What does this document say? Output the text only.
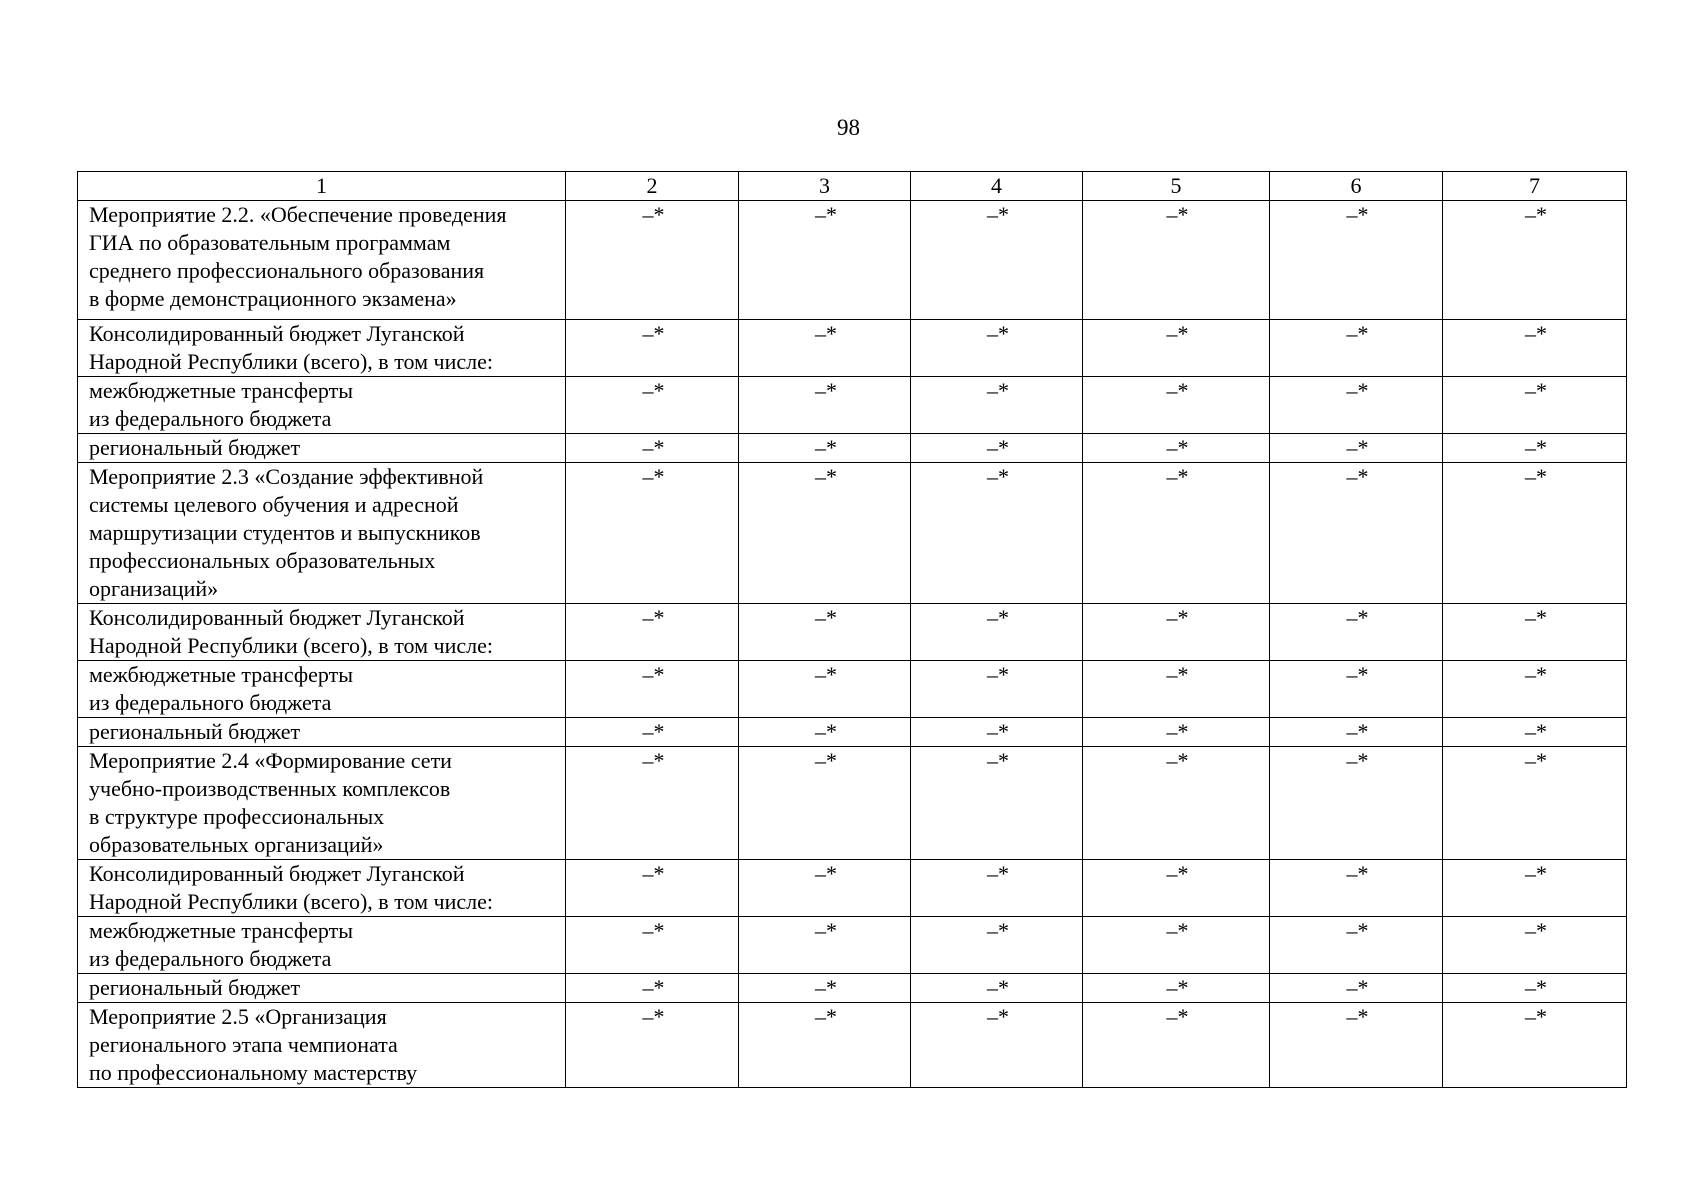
98
1	2	3	4	5	6	7
Мероприятие 2.2. «Обеспечение проведения
ГИА по образовательным программам
среднего профессионального образования
в форме демонстрационного экзамена»	–*	–*	–*	–*	–*	–*
Консолидированный бюджет Луганской
Народной Республики (всего), в том числе:	–*	–*	–*	–*	–*	–*
межбюджетные трансферты
из федерального бюджета	–*	–*	–*	–*	–*	–*
региональный бюджет	–*	–*	–*	–*	–*	–*
Мероприятие 2.3 «Создание эффективной
системы целевого обучения и адресной
маршрутизации студентов и выпускников
профессиональных образовательных
организаций»	–*	–*	–*	–*	–*	–*
Консолидированный бюджет Луганской
Народной Республики (всего), в том числе:	–*	–*	–*	–*	–*	–*
межбюджетные трансферты
из федерального бюджета	–*	–*	–*	–*	–*	–*
региональный бюджет	–*	–*	–*	–*	–*	–*
Мероприятие 2.4 «Формирование сети
учебно-производственных комплексов
в структуре профессиональных
образовательных организаций»	–*	–*	–*	–*	–*	–*
Консолидированный бюджет Луганской
Народной Республики (всего), в том числе:	–*	–*	–*	–*	–*	–*
межбюджетные трансферты
из федерального бюджета	–*	–*	–*	–*	–*	–*
региональный бюджет	–*	–*	–*	–*	–*	–*
Мероприятие 2.5 «Организация
регионального этапа чемпионата
по профессиональному мастерству	–*	–*	–*	–*	–*	–*
